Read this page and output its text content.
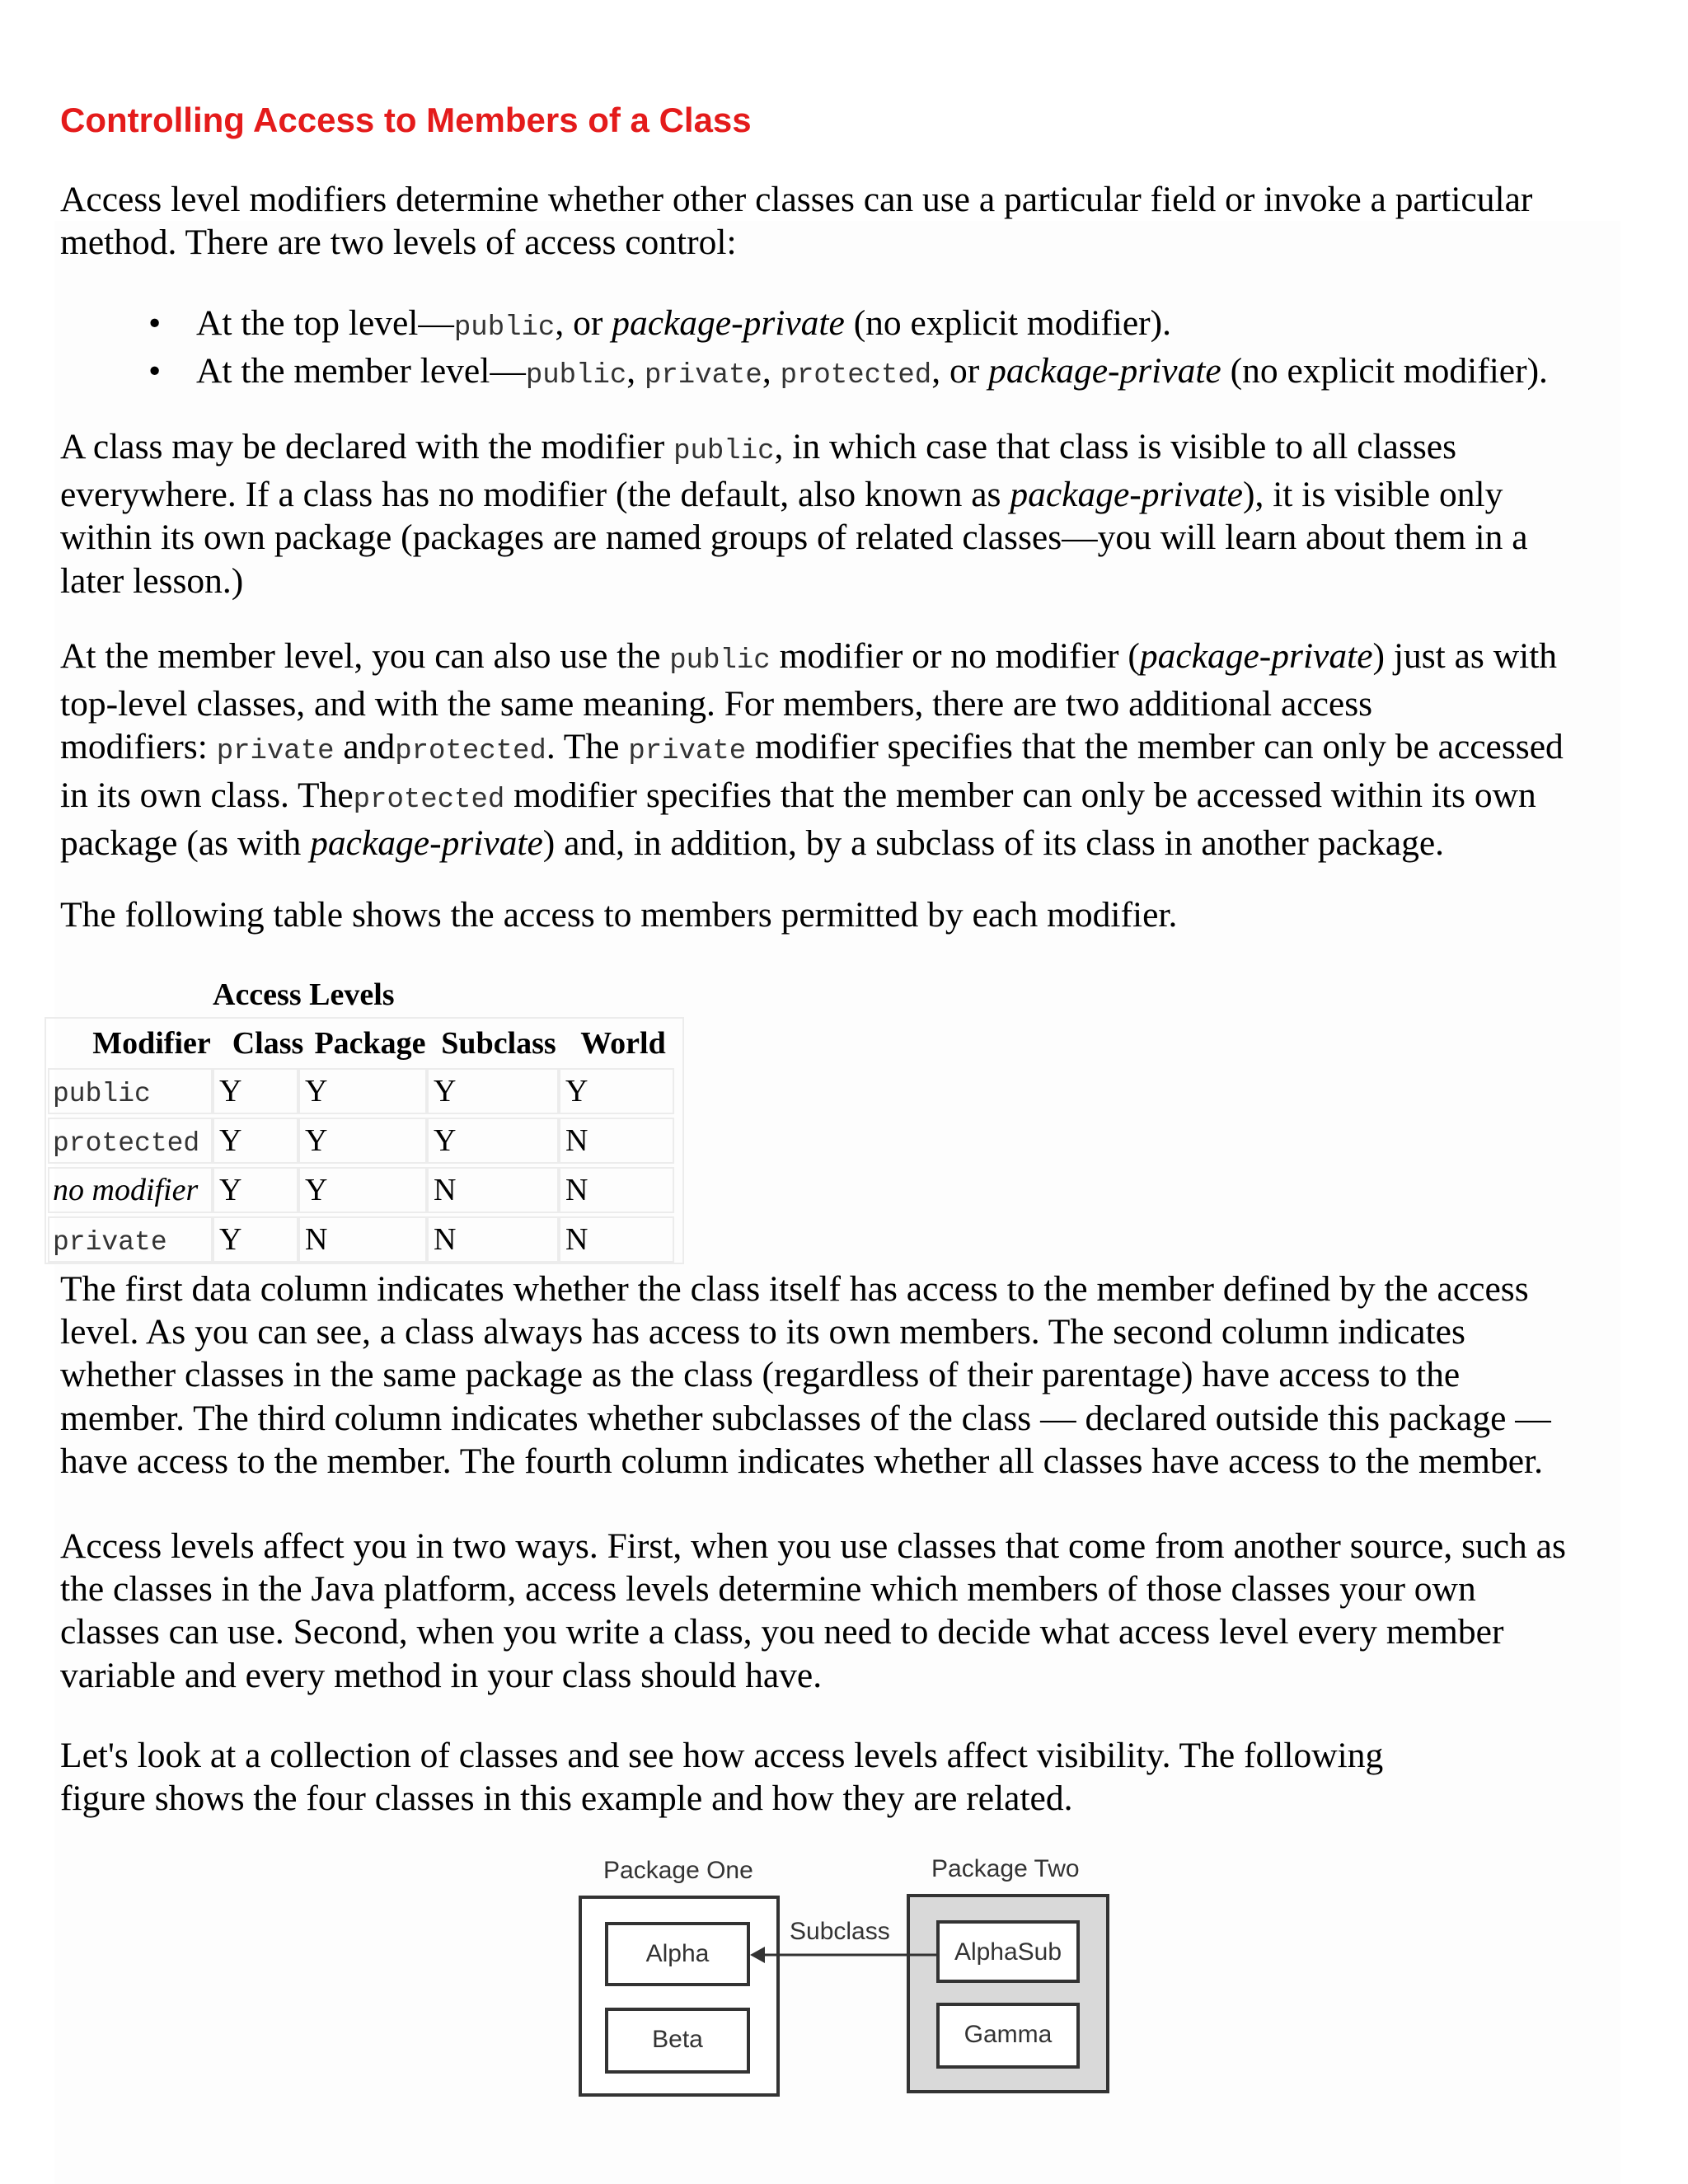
Controlling Access to Members of a Class

Access level modifiers determine whether other classes can use a particular field or invoke a particular
method. There are two levels of access control:

• At the top level—public, or package-private (no explicit modifier).
• At the member level—public, private, protected, or package-private (no explicit modifier).

A class may be declared with the modifier public, in which case that class is visible to all classes
everywhere. If a class has no modifier (the default, also known as package-private), it is visible only
within its own package (packages are named groups of related classes—you will learn about them in a
later lesson.)

At the member level, you can also use the public modifier or no modifier (package-private) just as with
top-level classes, and with the same meaning. For members, there are two additional access
modifiers: private andprotected. The private modifier specifies that the member can only be accessed
in its own class. Theprotected modifier specifies that the member can only be accessed within its own
package (as with package-private) and, in addition, by a subclass of its class in another package.

The following table shows the access to members permitted by each modifier.

Access Levels
Modifier Class Package Subclass World
public	Y	Y	Y	Y
protected Y	Y	Y	N
no modifier Y	Y	N	N
private	Y	N	N	N

The first data column indicates whether the class itself has access to the member defined by the access
level. As you can see, a class always has access to its own members. The second column indicates
whether classes in the same package as the class (regardless of their parentage) have access to the
member. The third column indicates whether subclasses of the class — declared outside this package —
have access to the member. The fourth column indicates whether all classes have access to the member.

Access levels affect you in two ways. First, when you use classes that come from another source, such as
the classes in the Java platform, access levels determine which members of those classes your own
classes can use. Second, when you write a class, you need to decide what access level every member
variable and every method in your class should have.

Let's look at a collection of classes and see how access levels affect visibility. The following
figure shows the four classes in this example and how they are related.

Package One	Package Two
Alpha
Beta
AlphaSub
Gamma
Subclass
